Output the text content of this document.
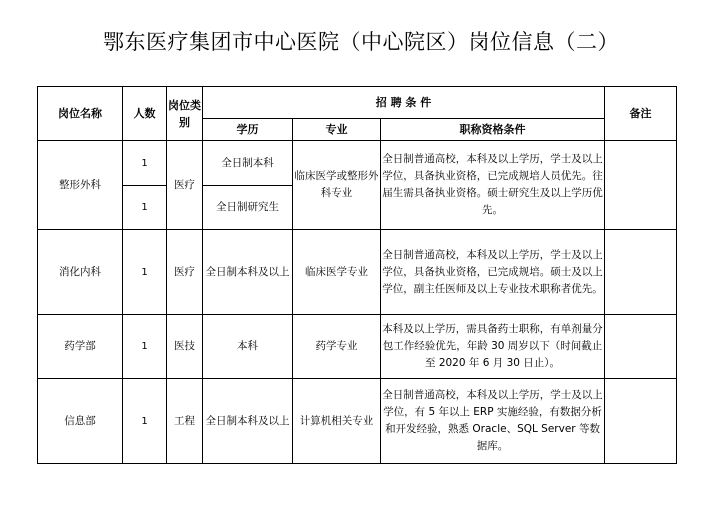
鄂东医疗集团市中心医院（中心院区）岗位信息（二）
岗位名称	人数	岗位类别	招 聘 条 件			备注
			学历	专业	职称资格条件	
整形外科	1	医疗	全日制本科	临床医学或整形外科专业	全日制普通高校，本科及以上学历，学士及以上学位，具备执业资格，已完成规培人员优先。往届生需具备执业资格。硕士研究生及以上学历优先。	
	1		全日制研究生			
消化内科	1	医疗	全日制本科及以上	临床医学专业	全日制普通高校，本科及以上学历，学士及以上学位，具备执业资格，已完成规培。硕士及以上学位，副主任医师及以上专业技术职称者优先。	
药学部	1	医技	本科	药学专业	本科及以上学历，需具备药士职称，有单剂量分包工作经验优先，年龄 30 周岁以下（时间截止至 2020 年 6 月 30 日止）。	
信息部	1	工程	全日制本科及以上	计算机相关专业	全日制普通高校，本科及以上学历，学士及以上学位，有 5 年以上 ERP 实施经验，有数据分析和开发经验，熟悉 Oracle、SQL Server 等数据库。	
